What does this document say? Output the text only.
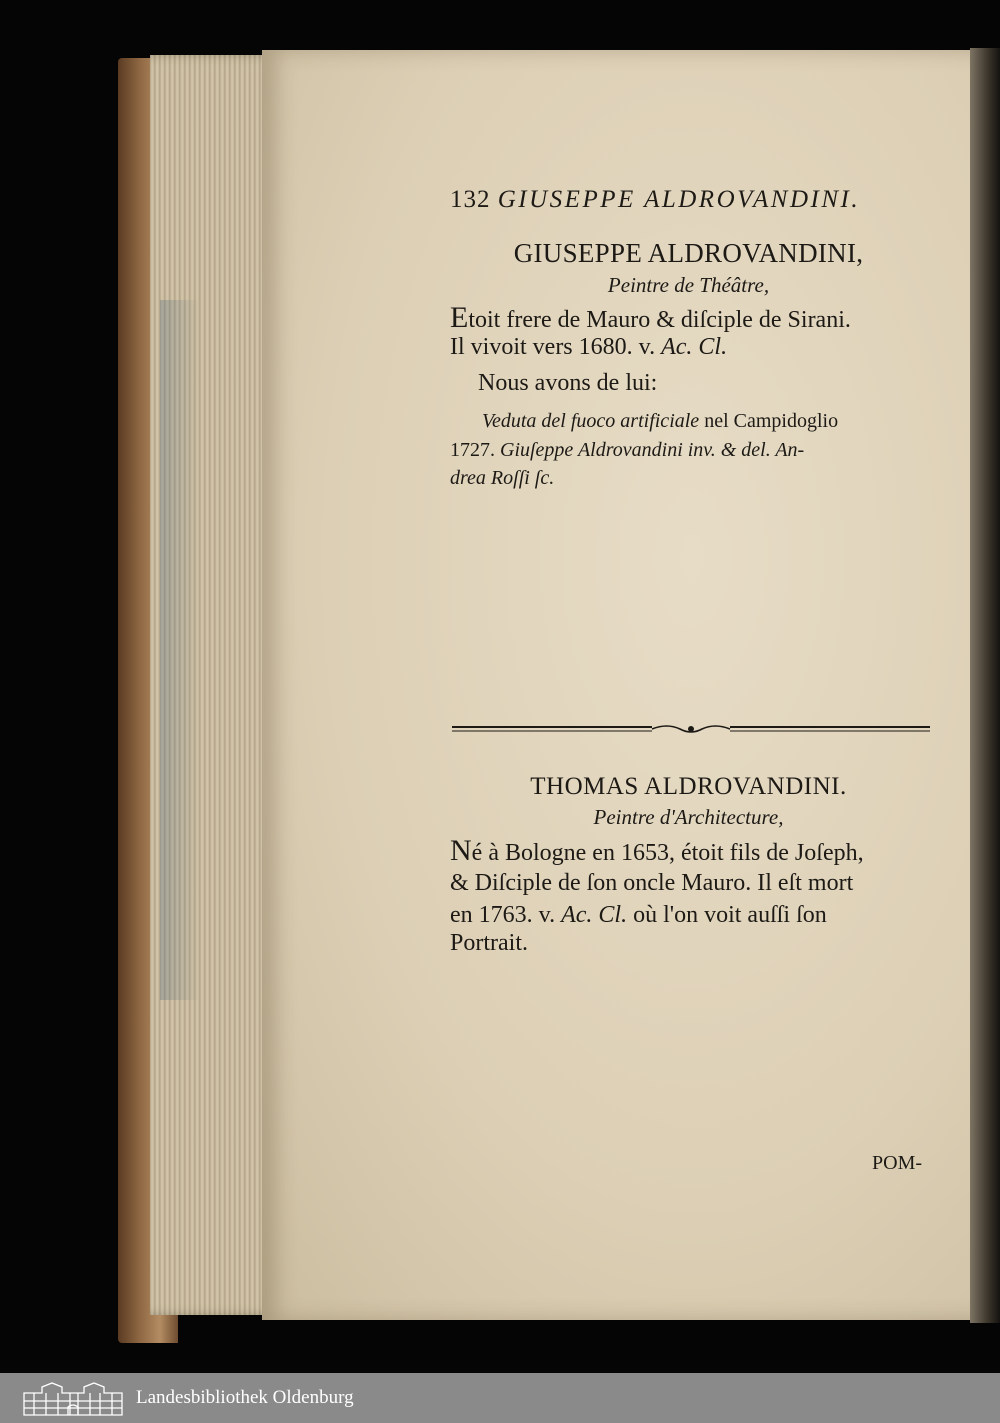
132 GIUSEPPE ALDROVANDINI.
GIUSEPPE ALDROVANDINI,
Peintre de Théâtre,
Etoit frere de Mauro & diſciple de Sirani.
Il vivoit vers 1680. v. Ac. Cl.
Nous avons de lui:
Veduta del fuoco artificiale nel Campidoglio
1727. Giuſeppe Aldrovandini inv. & del. An-
drea Roſſi ſc.
THOMAS ALDROVANDINI.
Peintre d'Architecture,
Né à Bologne en 1653, étoit fils de Joſeph,
& Diſciple de ſon oncle Mauro. Il eſt mort
en 1763. v. Ac. Cl. où l'on voit auſſi ſon
Portrait.
POM-
Landesbibliothek Oldenburg
